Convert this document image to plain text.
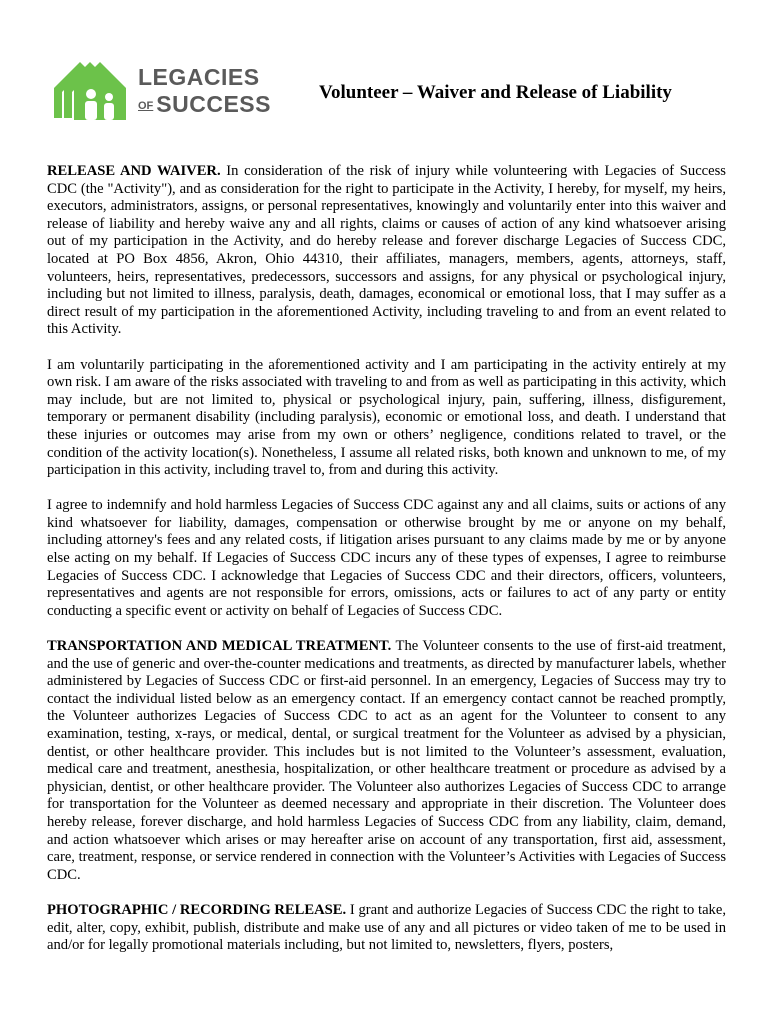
LEGACIES
OF SUCCESS	Volunteer – Waiver and Release of Liability

RELEASE AND WAIVER. In consideration of the risk of injury while volunteering with Legacies of Success CDC (the "Activity"), and as consideration for the right to participate in the Activity, I hereby, for myself, my heirs, executors, administrators, assigns, or personal representatives, knowingly and voluntarily enter into this waiver and release of liability and hereby waive any and all rights, claims or causes of action of any kind whatsoever arising out of my participation in the Activity, and do hereby release and forever discharge Legacies of Success CDC, located at PO Box 4856, Akron, Ohio 44310, their affiliates, managers, members, agents, attorneys, staff, volunteers, heirs, representatives, predecessors, successors and assigns, for any physical or psychological injury, including but not limited to illness, paralysis, death, damages, economical or emotional loss, that I may suffer as a direct result of my participation in the aforementioned Activity, including traveling to and from an event related to this Activity.

I am voluntarily participating in the aforementioned activity and I am participating in the activity entirely at my own risk. I am aware of the risks associated with traveling to and from as well as participating in this activity, which may include, but are not limited to, physical or psychological injury, pain, suffering, illness, disfigurement, temporary or permanent disability (including paralysis), economic or emotional loss, and death. I understand that these injuries or outcomes may arise from my own or others’ negligence, conditions related to travel, or the condition of the activity location(s). Nonetheless, I assume all related risks, both known and unknown to me, of my participation in this activity, including travel to, from and during this activity.

I agree to indemnify and hold harmless Legacies of Success CDC against any and all claims, suits or actions of any kind whatsoever for liability, damages, compensation or otherwise brought by me or anyone on my behalf, including attorney's fees and any related costs, if litigation arises pursuant to any claims made by me or by anyone else acting on my behalf. If Legacies of Success CDC incurs any of these types of expenses, I agree to reimburse Legacies of Success CDC. I acknowledge that Legacies of Success CDC and their directors, officers, volunteers, representatives and agents are not responsible for errors, omissions, acts or failures to act of any party or entity conducting a specific event or activity on behalf of Legacies of Success CDC.

TRANSPORTATION AND MEDICAL TREATMENT. The Volunteer consents to the use of first-aid treatment, and the use of generic and over-the-counter medications and treatments, as directed by manufacturer labels, whether administered by Legacies of Success CDC or first-aid personnel. In an emergency, Legacies of Success may try to contact the individual listed below as an emergency contact. If an emergency contact cannot be reached promptly, the Volunteer authorizes Legacies of Success CDC to act as an agent for the Volunteer to consent to any examination, testing, x-rays, or medical, dental, or surgical treatment for the Volunteer as advised by a physician, dentist, or other healthcare provider. This includes but is not limited to the Volunteer’s assessment, evaluation, medical care and treatment, anesthesia, hospitalization, or other healthcare treatment or procedure as advised by a physician, dentist, or other healthcare provider. The Volunteer also authorizes Legacies of Success CDC to arrange for transportation for the Volunteer as deemed necessary and appropriate in their discretion. The Volunteer does hereby release, forever discharge, and hold harmless Legacies of Success CDC from any liability, claim, demand, and action whatsoever which arises or may hereafter arise on account of any transportation, first aid, assessment, care, treatment, response, or service rendered in connection with the Volunteer’s Activities with Legacies of Success CDC.

PHOTOGRAPHIC / RECORDING RELEASE. I grant and authorize Legacies of Success CDC the right to take, edit, alter, copy, exhibit, publish, distribute and make use of any and all pictures or video taken of me to be used in and/or for legally promotional materials including, but not limited to, newsletters, flyers, posters,
